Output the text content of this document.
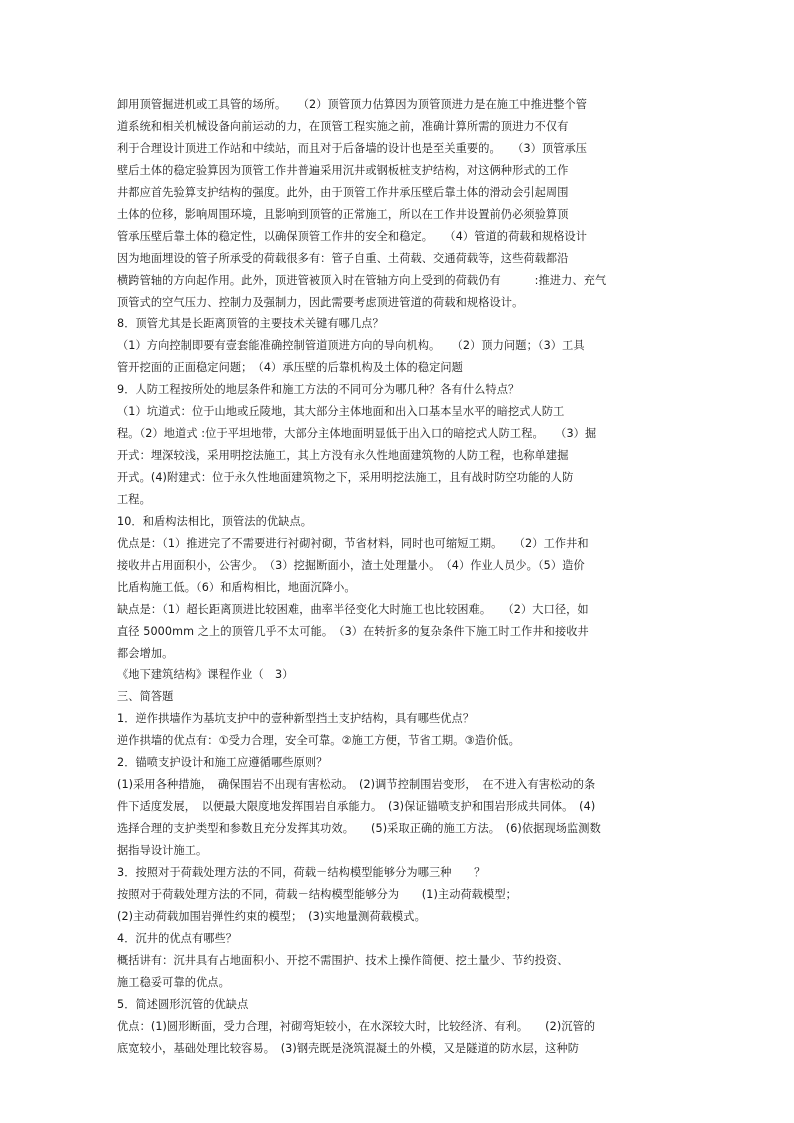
卸用顶管掘进机或工具管的场所。　　（2）顶管顶力估算因为顶管顶进力是在施工中推进整个管
道系统和相关机械设备向前运动的力，在顶管工程实施之前，准确计算所需的顶进力不仅有
利于合理设计顶进工作站和中续站，而且对于后备墙的设计也是至关重要的。　　（3）顶管承压
壁后土体的稳定验算因为顶管工作井普遍采用沉井或钢板桩支护结构，对这俩种形式的工作
井都应首先验算支护结构的强度。此外，由于顶管工作井承压壁后靠土体的滑动会引起周围
土体的位移，影响周围环境，且影响到顶管的正常施工，所以在工作井设置前仍必须验算顶
管承压壁后靠土体的稳定性，以确保顶管工作井的安全和稳定。　　（4）管道的荷载和规格设计
因为地面埋设的管子所承受的荷载很多有：管子自重、土荷载、交通荷载等，这些荷载都沿
横跨管轴的方向起作用。此外，顶进管被顶入时在管轴方向上受到的荷载仍有　　　:推进力、充气
顶管式的空气压力、控制力及强制力，因此需要考虑顶进管道的荷载和规格设计。
8．顶管尤其是长距离顶管的主要技术关键有哪几点？
（1）方向控制即要有壹套能准确控制管道顶进方向的导向机构。　　（2）顶力问题；（3）工具
管开挖面的正面稳定问题；　（4）承压壁的后靠机构及土体的稳定问题
9．人防工程按所处的地层条件和施工方法的不同可分为哪几种？各有什么特点？
（1）坑道式：位于山地或丘陵地，其大部分主体地面和出入口基本呈水平的暗挖式人防工
程。（2）地道式 :位于平坦地带，大部分主体地面明显低于出入口的暗挖式人防工程。　　（3）掘
开式：埋深较浅，采用明挖法施工，其上方没有永久性地面建筑物的人防工程，也称单建掘
开式。(4)附建式：位于永久性地面建筑物之下，采用明挖法施工，且有战时防空功能的人防
工程。
10．和盾构法相比，顶管法的优缺点。
优点是：（1）推进完了不需要进行衬砌衬砌，节省材料，同时也可缩短工期。　　（2）工作井和
接收井占用面积小，公害少。　（3）挖掘断面小，渣土处理量小。　（4）作业人员少。（5）造价
比盾构施工低。（6）和盾构相比，地面沉降小。
缺点是：（1）超长距离顶进比较困难，曲率半径变化大时施工也比较困难。　　（2）大口径，如
直径 5000mm 之上的顶管几乎不太可能。　（3）在转折多的复杂条件下施工时工作井和接收井
都会增加。
《地下建筑结构》课程作业（　3）
三、简答题
1．逆作拱墙作为基坑支护中的壹种新型挡土支护结构，具有哪些优点？
逆作拱墙的优点有：①受力合理，安全可靠。②施工方便，节省工期。③造价低。
2．锚喷支护设计和施工应遵循哪些原则？
(1)采用各种措施，　确保围岩不出现有害松动。　(2)调节控制围岩变形，　在不进入有害松动的条
件下适度发展，　以便最大限度地发挥围岩自承能力。　(3)保证锚喷支护和围岩形成共同体。　(4)
选择合理的支护类型和参数且充分发挥其功效。　　(5)采取正确的施工方法。　(6)依据现场监测数
据指导设计施工。
3．按照对于荷载处理方法的不同，荷载－结构模型能够分为哪三种　　？
按照对于荷载处理方法的不同，荷载－结构模型能够分为　　(1)主动荷载模型；
(2)主动荷载加围岩弹性约束的模型；　(3)实地量测荷载模式。
4．沉井的优点有哪些？
概括讲有：沉井具有占地面积小、开挖不需围护、技术上操作简便、挖土量少、节约投资、
施工稳妥可靠的优点。
5．简述圆形沉管的优缺点
优点：(1)圆形断面，受力合理，衬砌弯矩较小，在水深较大时，比较经济、有利。　　(2)沉管的
底宽较小，基础处理比较容易。　(3)钢壳既是浇筑混凝土的外模，又是隧道的防水层，这种防
